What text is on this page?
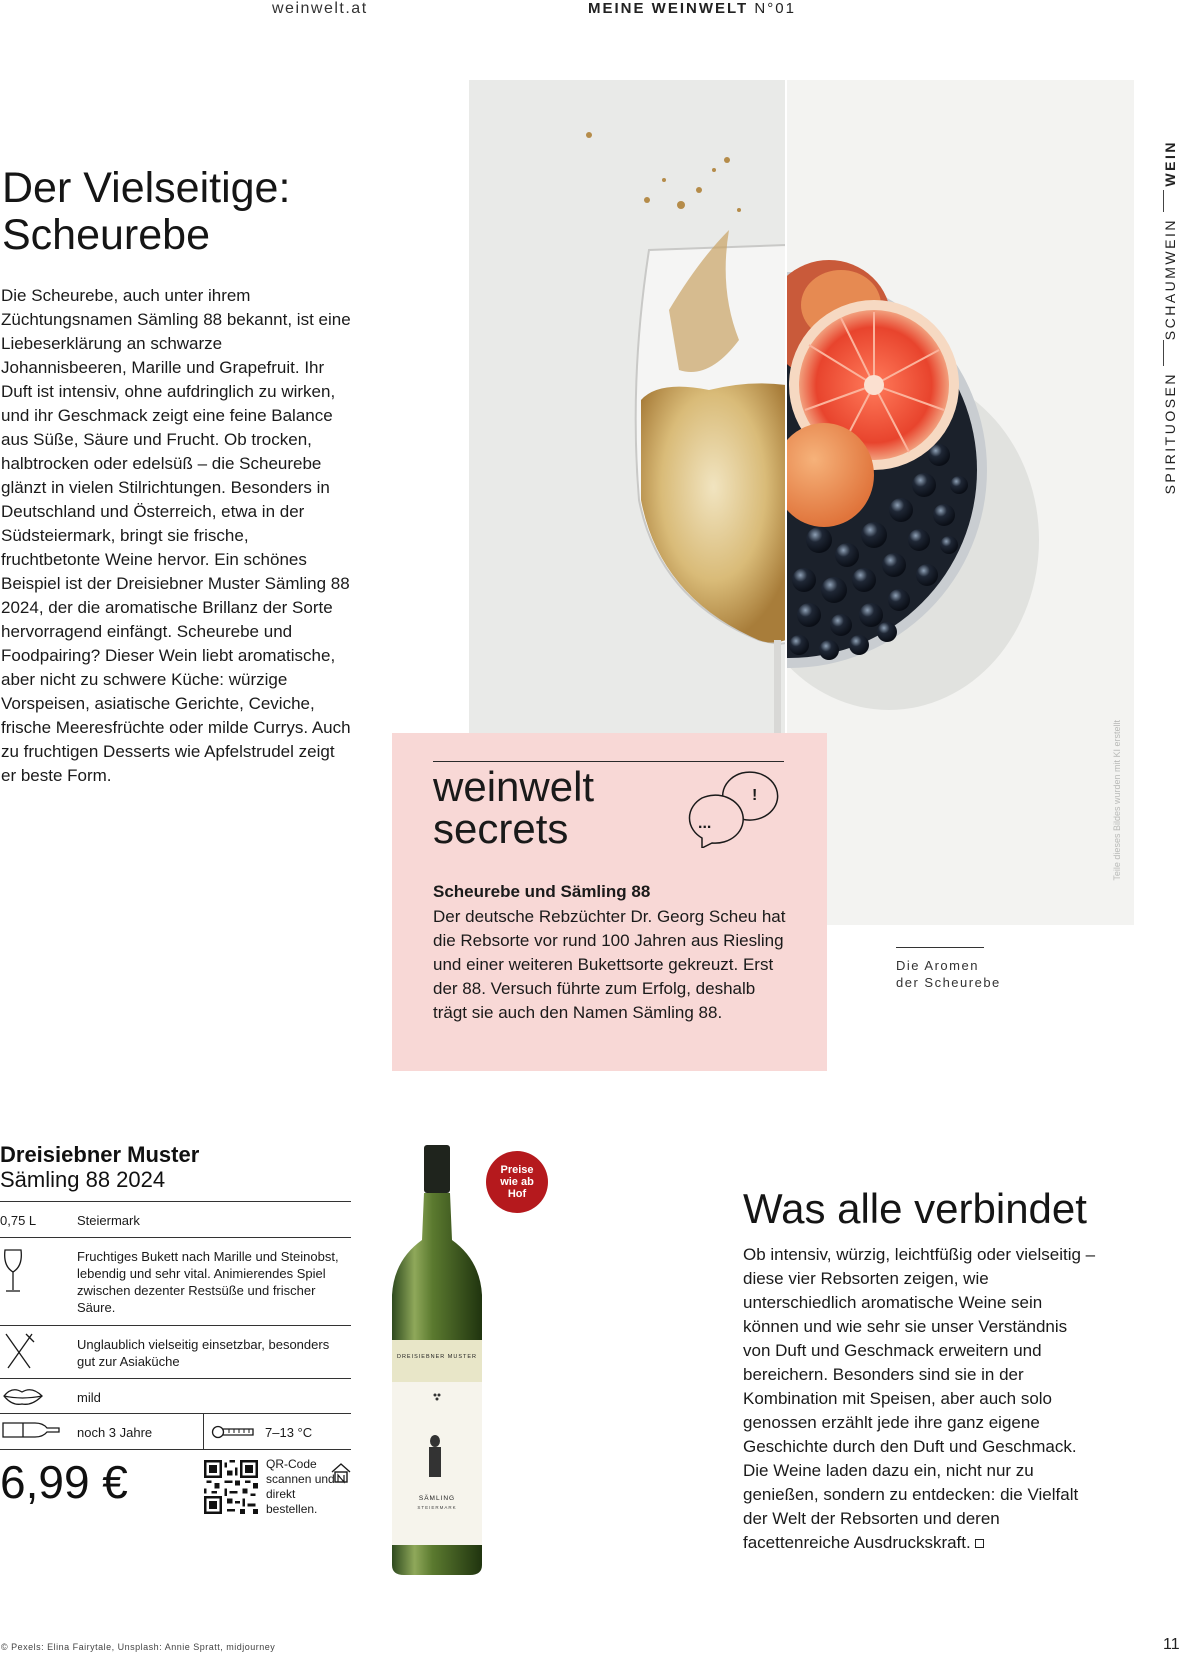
weinwelt.at	MEINE WEINWELT N°01
Der Vielseitige:
Scheurebe

Die Scheurebe, auch unter ihrem Züchtungsnamen Sämling 88 bekannt, ist eine Liebeserklärung an schwarze Johannisbeeren, Marille und Grapefruit. Ihr Duft ist intensiv, ohne aufdringlich zu wirken, und ihr Geschmack zeigt eine feine Balance aus Süße, Säure und Frucht. Ob trocken, halbtrocken oder edelsüß – die Scheurebe glänzt in vielen Stilrichtungen. Besonders in Deutschland und Österreich, etwa in der Südsteiermark, bringt sie frische, fruchtbetonte Weine hervor. Ein schönes Beispiel ist der Dreisiebner Muster Sämling 88 2024, der die aromatische Brillanz der Sorte hervorragend einfängt. Scheurebe und Foodpairing? Dieser Wein liebt aromatische, aber nicht zu schwere Küche: würzige Vorspeisen, asiatische Gerichte, Ceviche, frische Meeresfrüchte oder milde Currys. Auch zu fruchtigen Desserts wie Apfelstrudel zeigt er beste Form.	Teile dieses Bildes wurden mit KI erstellt
WEIN
SCHAUMWEIN
SPIRITUOSEN
weinwelt
secrets
!
...
Scheurebe und Sämling 88

Der deutsche Rebzüchter Dr. Georg Scheu hat die Rebsorte vor rund 100 Jahren aus Riesling und einer weiteren Bukettsorte gekreuzt. Erst der 88. Versuch führte zum Erfolg, deshalb trägt sie auch den Namen Sämling 88.

Die Aromen
der Scheurebe
Dreisiebner Muster
Sämling 88 2024
0,75 L	Steiermark
Fruchtiges Bukett nach Marille und Steinobst, lebendig und sehr vital. Animierendes Spiel zwischen dezenter Restsüße und frischer Säure.
Unglaublich vielseitig einsetzbar, besonders gut zur Asiaküche
mild
noch 3 Jahre	7–13 °C
6,99 €	QR-Code scannen und direkt bestellen.
DREISIEBNER MUSTER
SÄMLING
STEIERMARK
Preise wie ab Hof	Was alle verbindet

Ob intensiv, würzig, leichtfüßig oder vielseitig – diese vier Rebsorten zeigen, wie unterschiedlich aromatische Weine sein können und wie sehr sie unser Verständnis von Duft und Geschmack erweitern und bereichern. Besonders sind sie in der Kombination mit Speisen, aber auch solo genossen erzählt jede ihre ganz eigene Geschichte durch den Duft und Geschmack. Die Weine laden dazu ein, nicht nur zu genießen, sondern zu entdecken: die Vielfalt der Welt der Rebsorten und deren facettenreiche Ausdruckskraft.

© Pexels: Elina Fairytale, Unsplash: Annie Spratt, midjourney	11
